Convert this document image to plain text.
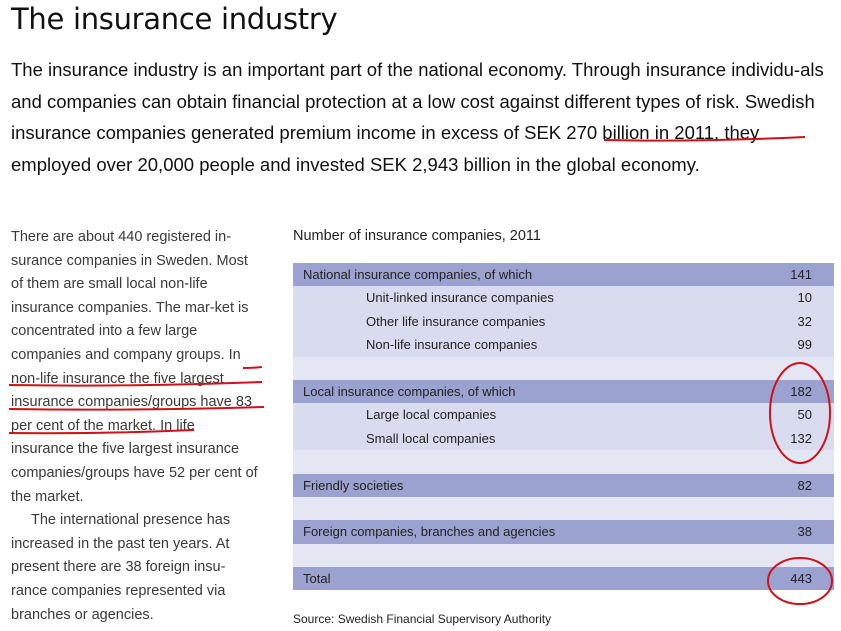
The insurance industry
The insurance industry is an important part of the national economy. Through insurance individu-als and companies can obtain financial protection at a low cost against different types of risk. Swedish insurance companies generated premium income in excess of SEK 270 billion in 2011, they employed over 20,000 people and invested SEK 2,943 billion in the global economy.

There are about 440 registered in-surance companies in Sweden. Most of them are small local non-life insurance companies. The mar-ket is concentrated into a few large companies and company groups. In non-life insurance the five largest insurance companies/groups have 83 per cent of the market. In life insurance the five largest insurance companies/groups have 52 per cent of the market.

The international presence has increased in the past ten years. At present there are 38 foreign insu-rance companies represented via branches or agencies.

Number of insurance companies, 2011
National insurance companies, of which	141
Unit-linked insurance companies	10
Other life insurance companies	32
Non-life insurance companies	99
Local insurance companies, of which	182
Large local companies	50
Small local companies	132
Friendly societies	82
Foreign companies, branches and agencies	38
Total	443
Source: Swedish Financial Supervisory Authority
